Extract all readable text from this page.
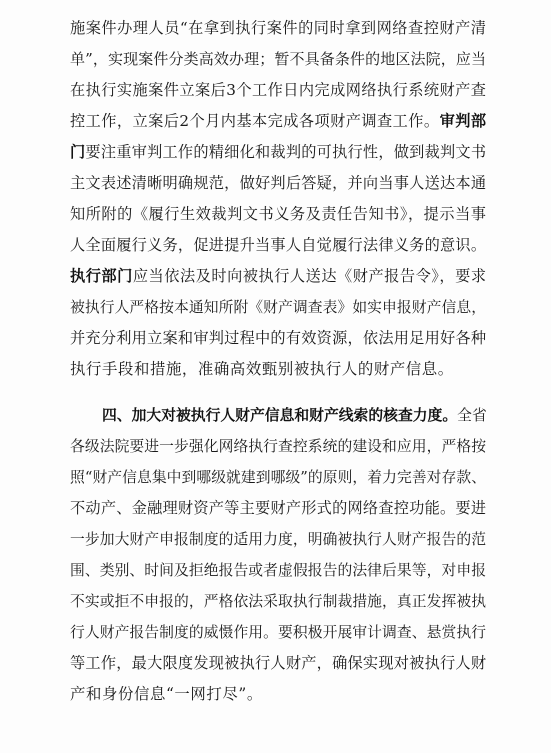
施案件办理人员“在拿到执行案件的同时拿到网络查控财产清
单”，实现案件分类高效办理；暂不具备条件的地区法院，应当
在执行实施案件立案后3个工作日内完成网络执行系统财产查
控工作，立案后2个月内基本完成各项财产调查工作。审判部
门要注重审判工作的精细化和裁判的可执行性，做到裁判文书
主文表述清晰明确规范，做好判后答疑，并向当事人送达本通
知所附的《履行生效裁判文书义务及责任告知书》，提示当事
人全面履行义务，促进提升当事人自觉履行法律义务的意识。
执行部门应当依法及时向被执行人送达《财产报告令》，要求
被执行人严格按本通知所附《财产调查表》如实申报财产信息，
并充分利用立案和审判过程中的有效资源，依法用足用好各种
执行手段和措施，准确高效甄别被执行人的财产信息。
四、加大对被执行人财产信息和财产线索的核查力度。全省
各级法院要进一步强化网络执行查控系统的建设和应用，严格按
照“财产信息集中到哪级就建到哪级”的原则，着力完善对存款、
不动产、金融理财资产等主要财产形式的网络查控功能。要进
一步加大财产申报制度的适用力度，明确被执行人财产报告的范
围、类别、时间及拒绝报告或者虚假报告的法律后果等，对申报
不实或拒不申报的，严格依法采取执行制裁措施，真正发挥被执
行人财产报告制度的威慑作用。要积极开展审计调查、悬赏执行
等工作，最大限度发现被执行人财产，确保实现对被执行人财
产和身份信息“一网打尽”。
